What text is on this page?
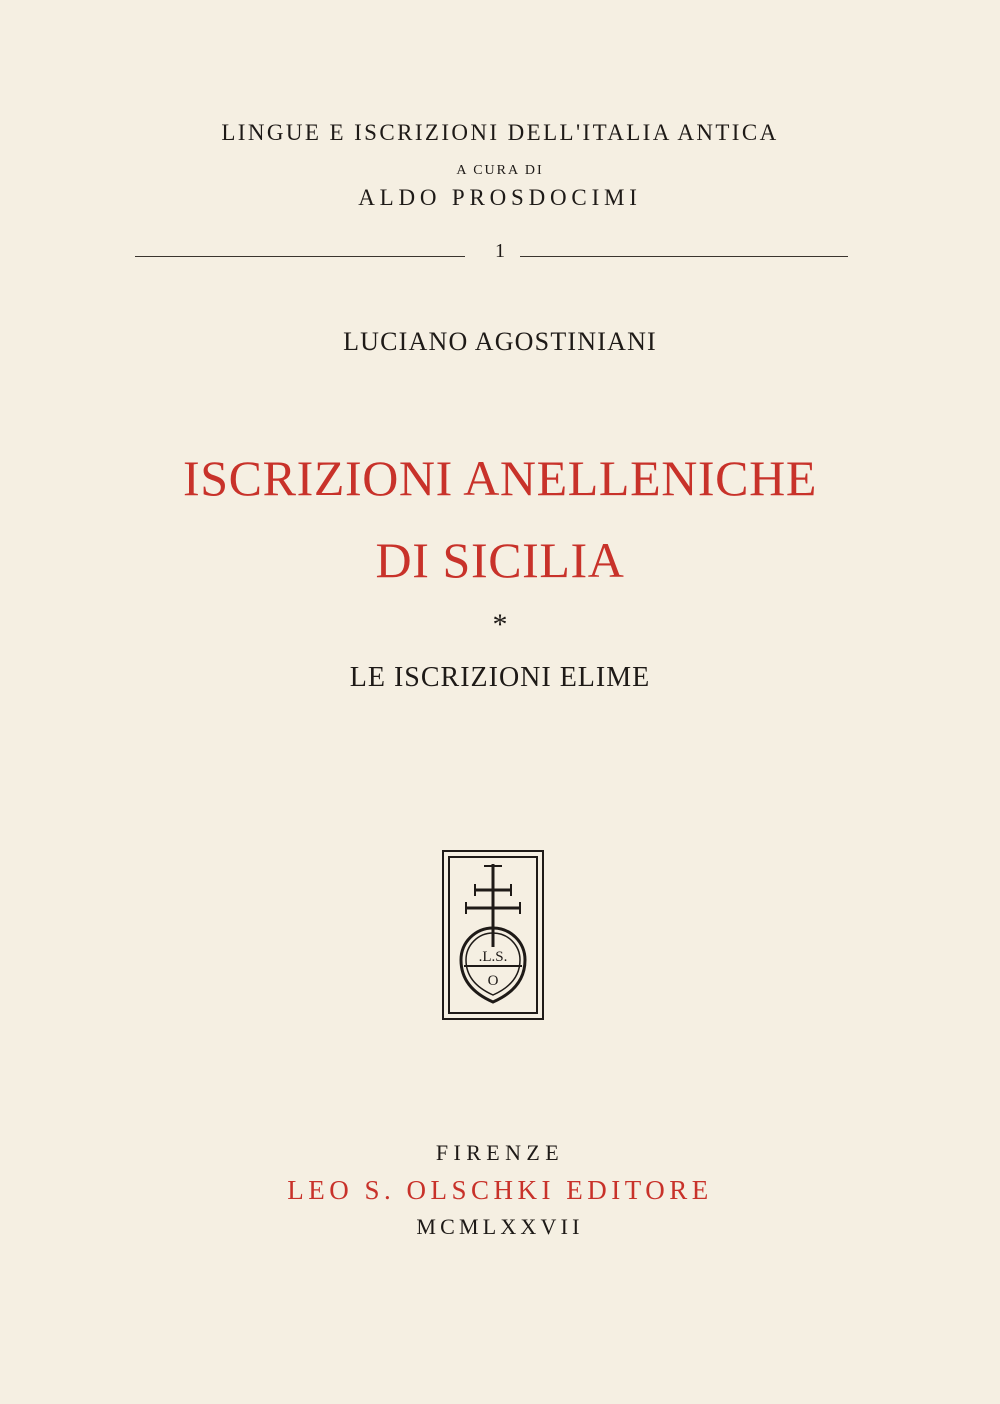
LINGUE E ISCRIZIONI DELL'ITALIA ANTICA
A CURA DI
ALDO PROSDOCIMI
1
LUCIANO AGOSTINIANI
ISCRIZIONI ANELLENICHE
DI SICILIA
*
LE ISCRIZIONI ELIME
.L.S.
O
FIRENZE
LEO S. OLSCHKI EDITORE
MCMLXXVII
